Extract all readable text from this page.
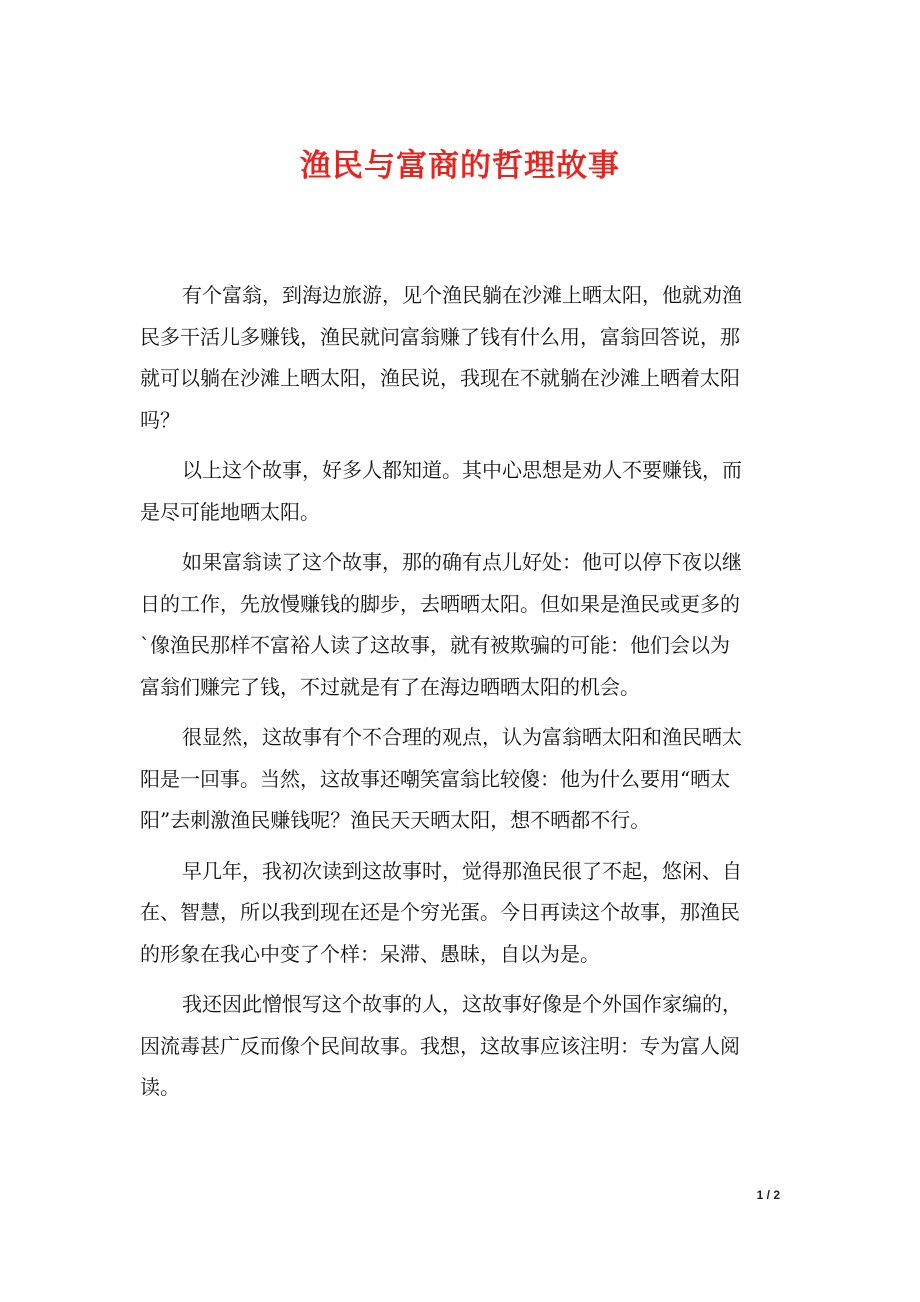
渔民与富商的哲理故事

有个富翁，到海边旅游，见个渔民躺在沙滩上晒太阳，他就劝渔
民多干活儿多赚钱，渔民就问富翁赚了钱有什么用，富翁回答说，那
就可以躺在沙滩上晒太阳，渔民说，我现在不就躺在沙滩上晒着太阳
吗？

以上这个故事，好多人都知道。其中心思想是劝人不要赚钱，而
是尽可能地晒太阳。

如果富翁读了这个故事，那的确有点儿好处：他可以停下夜以继
日的工作，先放慢赚钱的脚步，去晒晒太阳。但如果是渔民或更多的
`像渔民那样不富裕人读了这故事，就有被欺骗的可能：他们会以为
富翁们赚完了钱，不过就是有了在海边晒晒太阳的机会。

很显然，这故事有个不合理的观点，认为富翁晒太阳和渔民晒太
阳是一回事。当然，这故事还嘲笑富翁比较傻：他为什么要用“晒太
阳”去刺激渔民赚钱呢？渔民天天晒太阳，想不晒都不行。

早几年，我初次读到这故事时，觉得那渔民很了不起，悠闲、自
在、智慧，所以我到现在还是个穷光蛋。今日再读这个故事，那渔民
的形象在我心中变了个样：呆滞、愚昧，自以为是。

我还因此憎恨写这个故事的人，这故事好像是个外国作家编的，
因流毒甚广反而像个民间故事。我想，这故事应该注明：专为富人阅
读。

1 / 2
